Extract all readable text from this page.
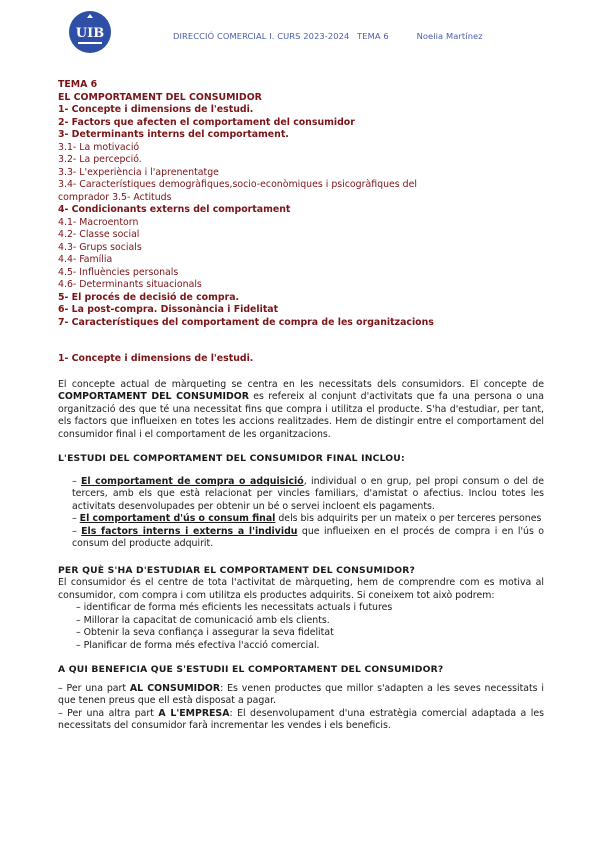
UIB	DIRECCIÓ COMERCIAL I. CURS 2023-2024 TEMA 6	Noelia Martínez
TEMA 6
EL COMPORTAMENT DEL CONSUMIDOR
1- Concepte i dimensions de l'estudi.
2- Factors que afecten el comportament del consumidor
3- Determinants interns del comportament.
3.1- La motivació
3.2- La percepció.
3.3- L'experiència i l'aprenentatge
3.4- Característiques demogràfiques,socio-econòmiques i psicogràfiques del
comprador 3.5- Actituds
4- Condicionants externs del comportament
4.1- Macroentorn
4.2- Classe social
4.3- Grups socials
4.4- Família
4.5- Influències personals
4.6- Determinants situacionals
5- El procés de decisió de compra.
6- La post-compra. Dissonància i Fidelitat
7- Característiques del comportament de compra de les organitzacions
1- Concepte i dimensions de l'estudi.

El concepte actual de màrqueting se centra en les necessitats dels consumidors. El concepte de COMPORTAMENT DEL CONSUMIDOR es refereix al conjunt d'activitats que fa una persona o una organització des que té una necessitat fins que compra i utilitza el producte. S'ha d'estudiar, per tant, els factors que influeixen en totes les accions realitzades. Hem de distingir entre el comportament del consumidor final i el comportament de les organitzacions.

L'ESTUDI DEL COMPORTAMENT DEL CONSUMIDOR FINAL INCLOU:

– El comportament de compra o adquisició, individual o en grup, pel propi consum o del de tercers, amb els que està relacionat per vincles familiars, d'amistat o afectius. Inclou totes les activitats desenvolupades per obtenir un bé o servei incloent els pagaments.

– El comportament d'ús o consum final dels bis adquirits per un mateix o per terceres persones

– Els factors interns i externs a l'individu que influeixen en el procés de compra i en l'ús o consum del producte adquirit.

PER QUÈ S'HA D'ESTUDIAR EL COMPORTAMENT DEL CONSUMIDOR?

El consumidor és el centre de tota l'activitat de màrqueting, hem de comprendre com es motiva al consumidor, com compra i com utilitza els productes adquirits. Si coneixem tot això podrem:

– identificar de forma més eficients les necessitats actuals i futures
– Millorar la capacitat de comunicació amb els clients.
– Obtenir la seva confiança i assegurar la seva fidelitat
– Planificar de forma més efectiva l'acció comercial.
A QUI BENEFICIA QUE S'ESTUDII EL COMPORTAMENT DEL CONSUMIDOR?

– Per una part AL CONSUMIDOR: Es venen productes que millor s'adapten a les seves necessitats i que tenen preus que ell està disposat a pagar.

– Per una altra part A L'EMPRESA: El desenvolupament d'una estratègia comercial adaptada a les necessitats del consumidor farà incrementar les vendes i els beneficis.
